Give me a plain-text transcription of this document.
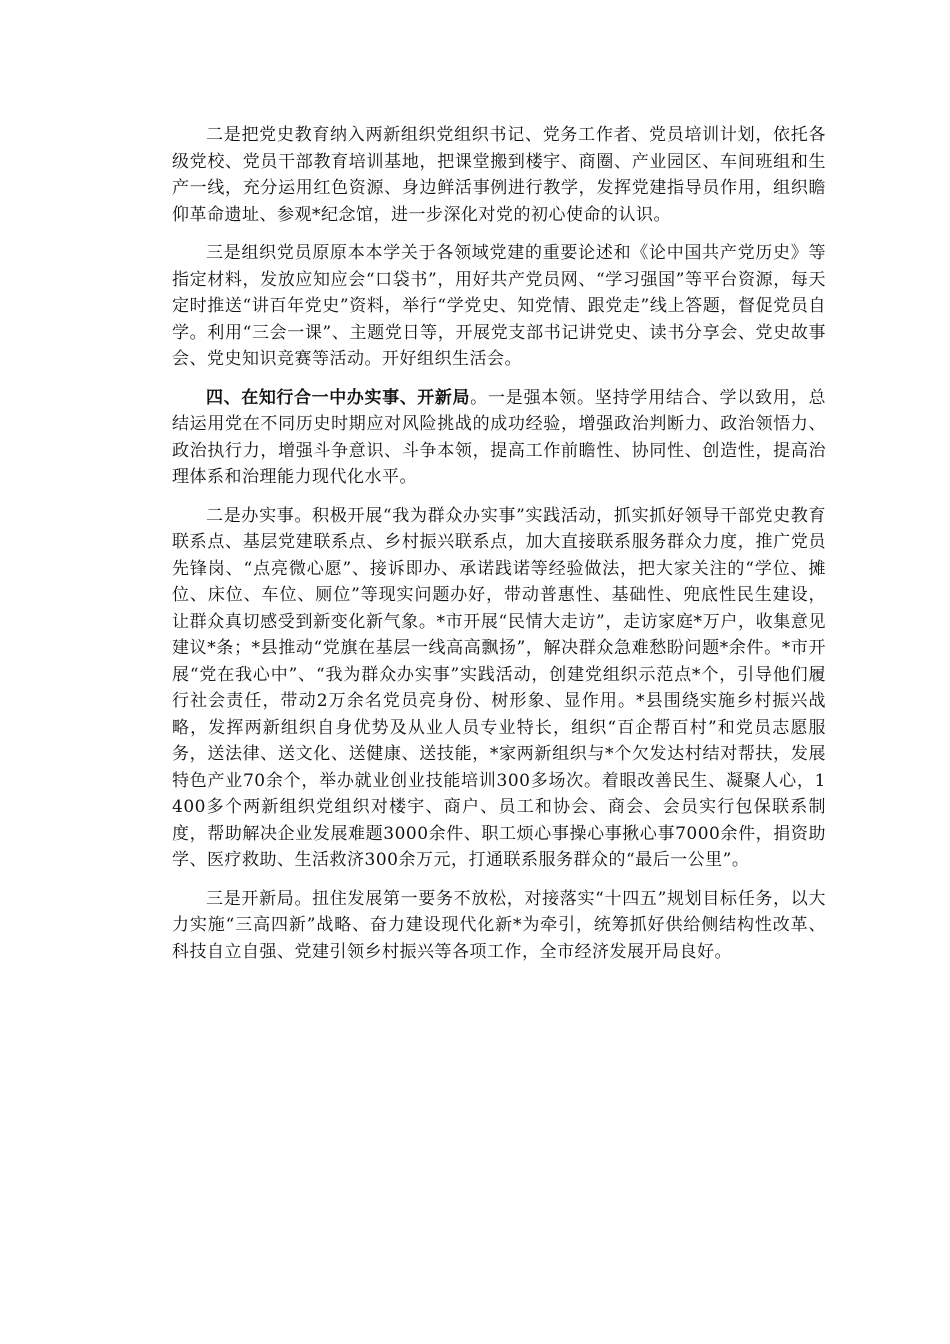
二是把党史教育纳入两新组织党组织书记、党务工作者、党员培训计划，依托各级党校、党员干部教育培训基地，把课堂搬到楼宇、商圈、产业园区、车间班组和生产一线，充分运用红色资源、身边鲜活事例进行教学，发挥党建指导员作用，组织瞻仰革命遗址、参观*纪念馆，进一步深化对党的初心使命的认识。

三是组织党员原原本本学关于各领域党建的重要论述和《论中国共产党历史》等指定材料，发放应知应会“口袋书”，用好共产党员网、“学习强国”等平台资源，每天定时推送“讲百年党史”资料，举行“学党史、知党情、跟党走”线上答题，督促党员自学。利用“三会一课”、主题党日等，开展党支部书记讲党史、读书分享会、党史故事会、党史知识竞赛等活动。开好组织生活会。

四、在知行合一中办实事、开新局。一是强本领。坚持学用结合、学以致用，总结运用党在不同历史时期应对风险挑战的成功经验，增强政治判断力、政治领悟力、政治执行力，增强斗争意识、斗争本领，提高工作前瞻性、协同性、创造性，提高治理体系和治理能力现代化水平。

二是办实事。积极开展“我为群众办实事”实践活动，抓实抓好领导干部党史教育联系点、基层党建联系点、乡村振兴联系点，加大直接联系服务群众力度，推广党员先锋岗、“点亮微心愿”、接诉即办、承诺践诺等经验做法，把大家关注的“学位、摊位、床位、车位、厕位”等现实问题办好，带动普惠性、基础性、兜底性民生建设，让群众真切感受到新变化新气象。*市开展“民情大走访”，走访家庭*万户，收集意见建议*条；*县推动“党旗在基层一线高高飘扬”，解决群众急难愁盼问题*余件。*市开展“党在我心中”、“我为群众办实事”实践活动，创建党组织示范点*个，引导他们履行社会责任，带动2万余名党员亮身份、树形象、显作用。*县围绕实施乡村振兴战略，发挥两新组织自身优势及从业人员专业特长，组织“百企帮百村”和党员志愿服务，送法律、送文化、送健康、送技能，*家两新组织与*个欠发达村结对帮扶，发展特色产业70余个，举办就业创业技能培训300多场次。着眼改善民生、凝聚人心，1400多个两新组织党组织对楼宇、商户、员工和协会、商会、会员实行包保联系制度，帮助解决企业发展难题3000余件、职工烦心事操心事揪心事7000余件，捐资助学、医疗救助、生活救济300余万元，打通联系服务群众的“最后一公里”。

三是开新局。扭住发展第一要务不放松，对接落实“十四五”规划目标任务，以大力实施“三高四新”战略、奋力建设现代化新*为牵引，统筹抓好供给侧结构性改革、科技自立自强、党建引领乡村振兴等各项工作，全市经济发展开局良好。
